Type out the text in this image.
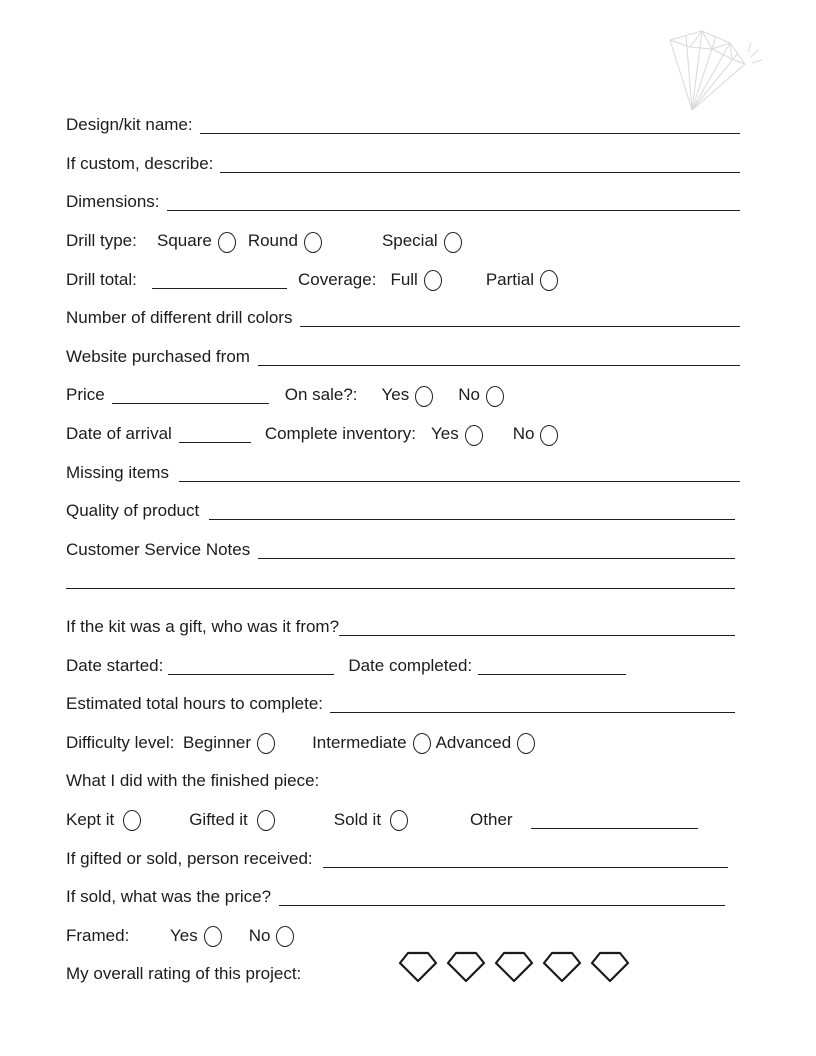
Design/kit name:
If custom, describe:
Dimensions:
Drill type:	Square Round	Special
Drill total:	Coverage: Full	Partial
Number of different drill colors
Website purchased from
Price	On sale?: Yes	No
Date of arrival	Complete inventory: Yes	No
Missing items
Quality of product
Customer Service Notes
If the kit was a gift, who was it from?
Date started:	Date completed:
Estimated total hours to complete:
Difficulty level: Beginner	Intermediate Advanced
What I did with the finished piece:
Kept it	Gifted it	Sold it	Other
If gifted or sold, person received:
If sold, what was the price?
Framed:	Yes	No
My overall rating of this project:
